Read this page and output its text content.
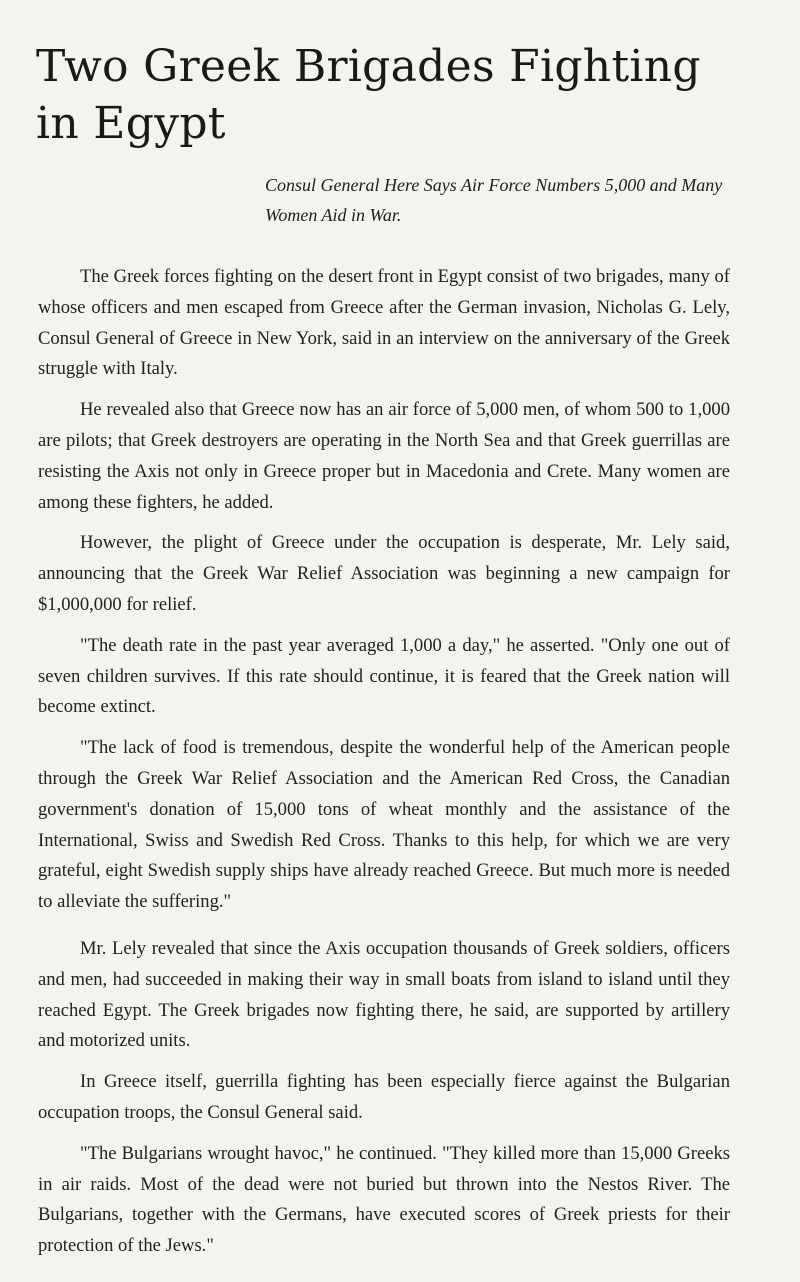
Two Greek Brigades Fighting in Egypt

Consul General Here Says Air Force Numbers 5,000 and Many Women Aid in War.

The Greek forces fighting on the desert front in Egypt consist of two brigades, many of whose officers and men escaped from Greece after the German invasion, Nicholas G. Lely, Consul General of Greece in New York, said in an interview on the anniversary of the Greek struggle with Italy.

He revealed also that Greece now has an air force of 5,000 men, of whom 500 to 1,000 are pilots; that Greek destroyers are operating in the North Sea and that Greek guerrillas are resisting the Axis not only in Greece proper but in Macedonia and Crete. Many women are among these fighters, he added.

However, the plight of Greece under the occupation is desperate, Mr. Lely said, announcing that the Greek War Relief Association was beginning a new campaign for $1,000,000 for relief.

"The death rate in the past year averaged 1,000 a day," he asserted. "Only one out of seven children survives. If this rate should continue, it is feared that the Greek nation will become extinct.

"The lack of food is tremendous, despite the wonderful help of the American people through the Greek War Relief Association and the American Red Cross, the Canadian government's donation of 15,000 tons of wheat monthly and the assistance of the International, Swiss and Swedish Red Cross. Thanks to this help, for which we are very grateful, eight Swedish supply ships have already reached Greece. But much more is needed to alleviate the suffering."

Mr. Lely revealed that since the Axis occupation thousands of Greek soldiers, officers and men, had succeeded in making their way in small boats from island to island until they reached Egypt. The Greek brigades now fighting there, he said, are supported by artillery and motorized units.

In Greece itself, guerrilla fighting has been especially fierce against the Bulgarian occupation troops, the Consul General said.

"The Bulgarians wrought havoc," he continued. "They killed more than 15,000 Greeks in air raids. Most of the dead were not buried but thrown into the Nestos River. The Bulgarians, together with the Germans, have executed scores of Greek priests for their protection of the Jews."
